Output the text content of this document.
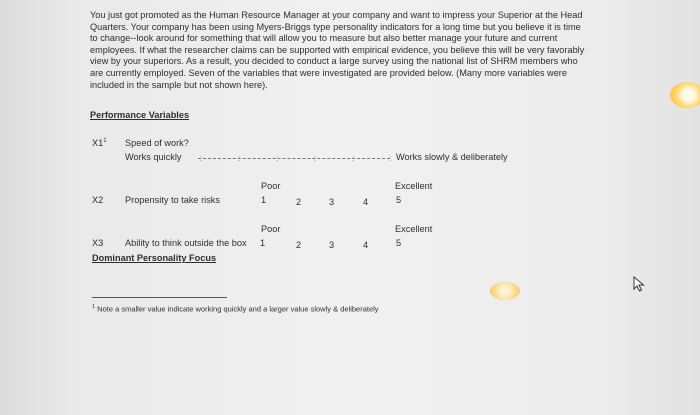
You just got promoted as the Human Resource Manager at your company and want to impress your Superior at the Head Quarters. Your company has been using Myers-Briggs type personality indicators for a long time but you believe it is time to change--look around for something that will allow you to measure but also better manage your future and current employees. If what the researcher claims can be supported with empirical evidence, you believe this will be very favorably view by your superiors. As a result, you decided to conduct a large survey using the national list of SHRM members who are currently employed. Seven of the variables that were investigated are provided below. (Many more variables were included in the sample but not shown here).
Performance Variables
$X1^1$ Speed of work?
Works quickly :	:	:	:	:	: Works slowly & deliberately
Poor	Excellent
X2 Propensity to take risks	1	2	3	4	5
Poor	Excellent
X3 Ability to think outside the box 1	2	3	4	5
Dominant Personality Focus
$^1$ Note a smaller value indicate working quickly and a larger value slowly & deliberately
